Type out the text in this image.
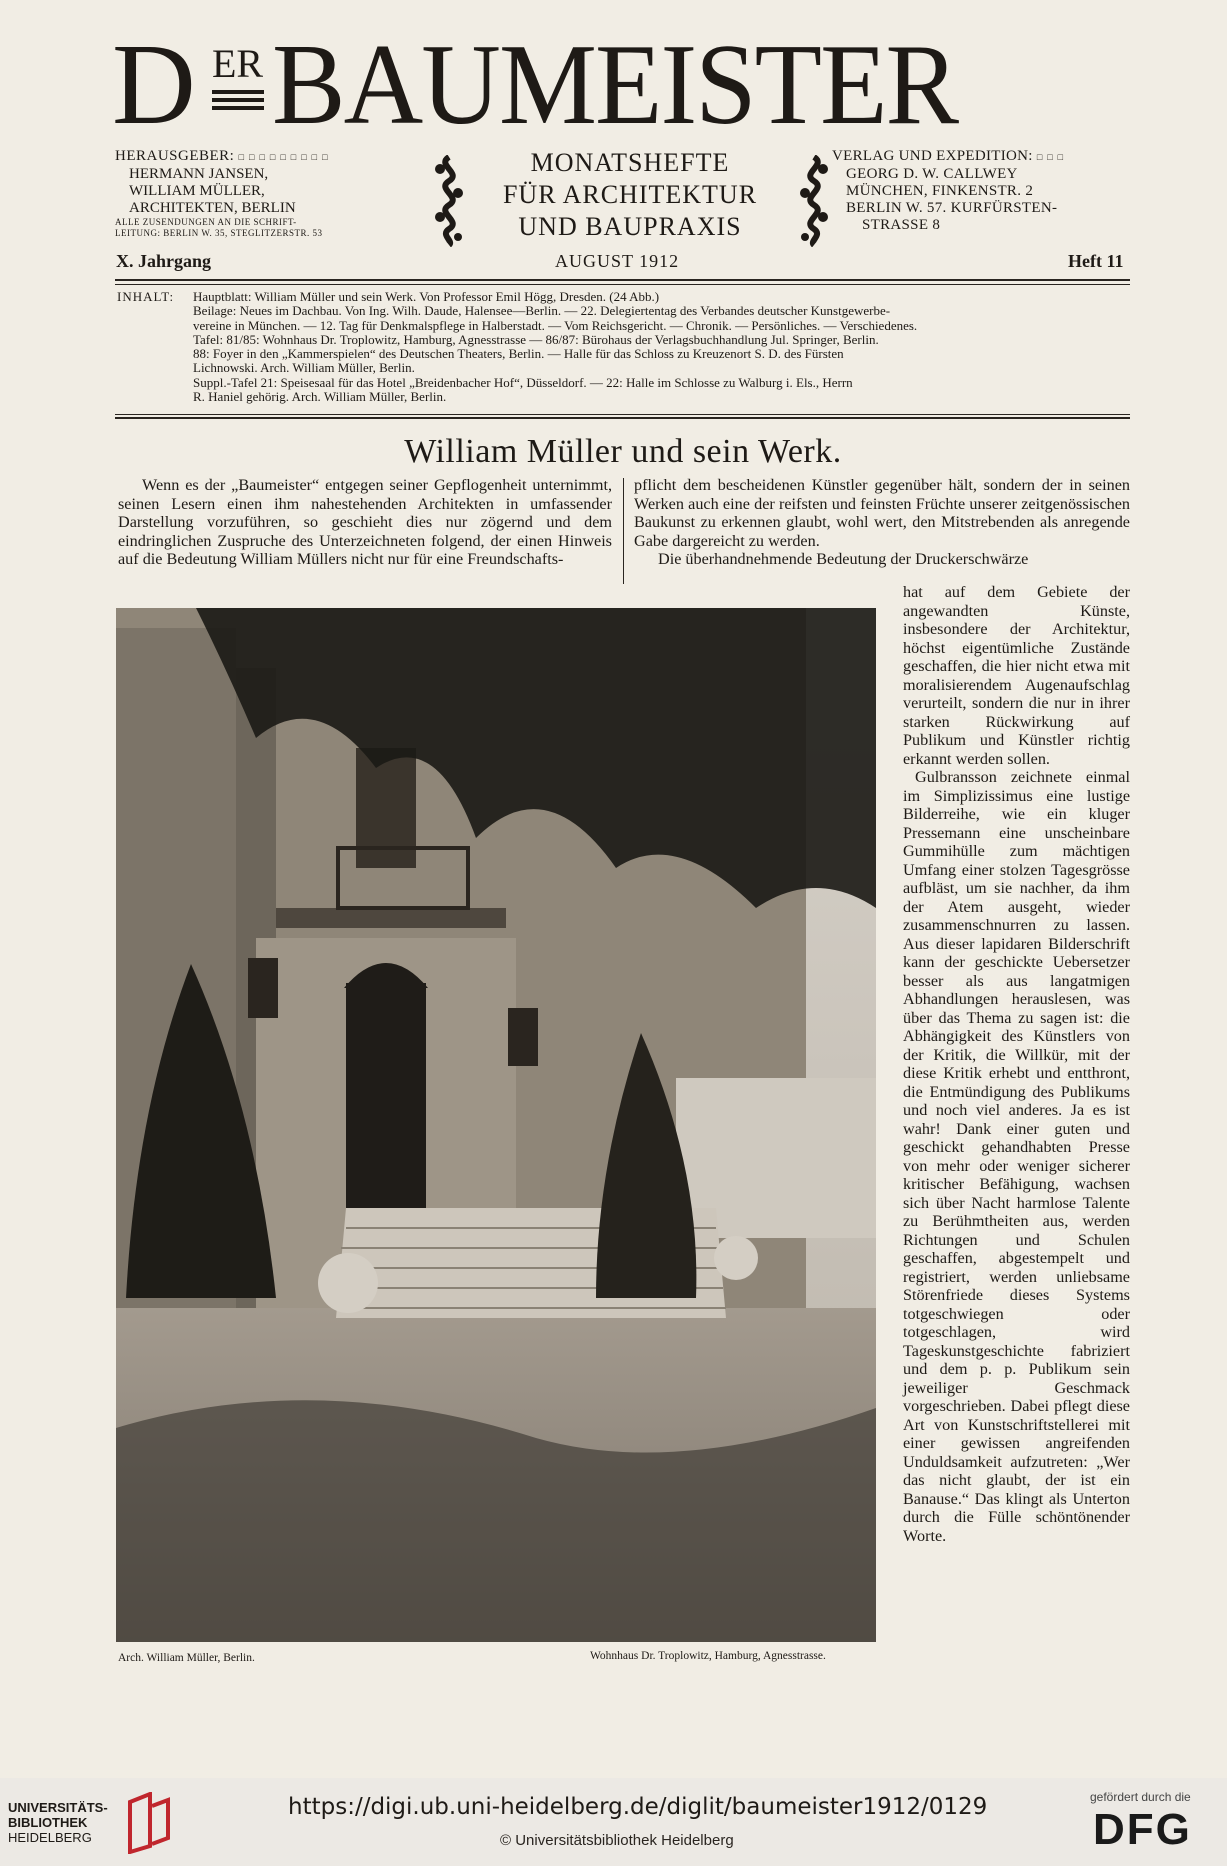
D ER BAUMEISTER
HERAUSGEBER: □□□□□□□□□
HERMANN JANSEN,
WILLIAM MÜLLER,
ARCHITEKTEN, BERLIN
ALLE ZUSENDUNGEN AN DIE SCHRIFT-
LEITUNG: BERLIN W. 35, STEGLITZERSTR. 53
MONATSHEFTE
FÜR ARCHITEKTUR
UND BAUPRAXIS
VERLAG UND EXPEDITION: □□□
GEORG D. W. CALLWEY
MÜNCHEN, FINKENSTR. 2
BERLIN W. 57. KURFÜRSTEN-
STRASSE 8
X. Jahrgang	AUGUST 1912	Heft 11
INHALT: Hauptblatt: William Müller und sein Werk. Von Professor Emil Högg, Dresden. (24 Abb.)
Beilage: Neues im Dachbau. Von Ing. Wilh. Daude, Halensee—Berlin. — 22. Delegiertentag des Verbandes deutscher Kunstgewerbe-
vereine in München. — 12. Tag für Denkmalspflege in Halberstadt. — Vom Reichsgericht. — Chronik. — Persönliches. — Verschiedenes.
Tafel: 81/85: Wohnhaus Dr. Troplowitz, Hamburg, Agnesstrasse — 86/87: Bürohaus der Verlagsbuchhandlung Jul. Springer, Berlin.
88: Foyer in den „Kammerspielen“ des Deutschen Theaters, Berlin. — Halle für das Schloss zu Kreuzenort S. D. des Fürsten
Lichnowski. Arch. William Müller, Berlin.
Suppl.-Tafel 21: Speisesaal für das Hotel „Breidenbacher Hof“, Düsseldorf. — 22: Halle im Schlosse zu Walburg i. Els., Herrn
R. Haniel gehörig. Arch. William Müller, Berlin.
William Müller und sein Werk.

Wenn es der „Baumeister“ entgegen seiner Gepflogenheit unternimmt, seinen Lesern einen ihm nahestehenden Architekten in umfassender Darstellung vorzuführen, so geschieht dies nur zögernd und dem eindringlichen Zuspruche des Unterzeichneten folgend, der einen Hinweis auf die Bedeutung William Müllers nicht nur für eine Freundschafts-

pflicht dem bescheidenen Künstler gegenüber hält, sondern der in seinen Werken auch eine der reifsten und feinsten Früchte unserer zeitgenössischen Baukunst zu erkennen glaubt, wohl wert, den Mitstrebenden als anregende Gabe dargereicht zu werden.

Die überhandnehmende Bedeutung der Druckerschwärze

Arch. William Müller, Berlin.	Wohnhaus Dr. Troplowitz, Hamburg, Agnesstrasse.

hat auf dem Gebiete der angewandten Künste, insbesondere der Architektur, höchst eigentümliche Zustände geschaffen, die hier nicht etwa mit moralisierendem Augenaufschlag verurteilt, sondern die nur in ihrer starken Rückwirkung auf Publikum und Künstler richtig erkannt werden sollen.

Gulbransson zeichnete einmal im Simplizissimus eine lustige Bilderreihe, wie ein kluger Pressemann eine unscheinbare Gummihülle zum mächtigen Umfang einer stolzen Tagesgrösse aufbläst, um sie nachher, da ihm der Atem ausgeht, wieder zusammenschnurren zu lassen. Aus dieser lapidaren Bilderschrift kann der geschickte Uebersetzer besser als aus langatmigen Abhandlungen herauslesen, was über das Thema zu sagen ist: die Abhängigkeit des Künstlers von der Kritik, die Willkür, mit der diese Kritik erhebt und entthront, die Entmündigung des Publikums und noch viel anderes. Ja es ist wahr! Dank einer guten und geschickt gehandhabten Presse von mehr oder weniger sicherer kritischer Befähigung, wachsen sich über Nacht harmlose Talente zu Berühmtheiten aus, werden Richtungen und Schulen geschaffen, abgestempelt und registriert, werden unliebsame Störenfriede dieses Systems totgeschwiegen oder totgeschlagen, wird Tageskunstgeschichte fabriziert und dem p. p. Publikum sein jeweiliger Geschmack vorgeschrieben. Dabei pflegt diese Art von Kunstschriftstellerei mit einer gewissen angreifenden Unduldsamkeit aufzutreten: „Wer das nicht glaubt, der ist ein Banause.“ Das klingt als Unterton durch die Fülle schöntönender Worte.

UNIVERSITÄTS-
BIBLIOTHEK
HEIDELBERG
https://digi.ub.uni-heidelberg.de/diglit/baumeister1912/0129
© Universitätsbibliothek Heidelberg
gefördert durch die
DFG
